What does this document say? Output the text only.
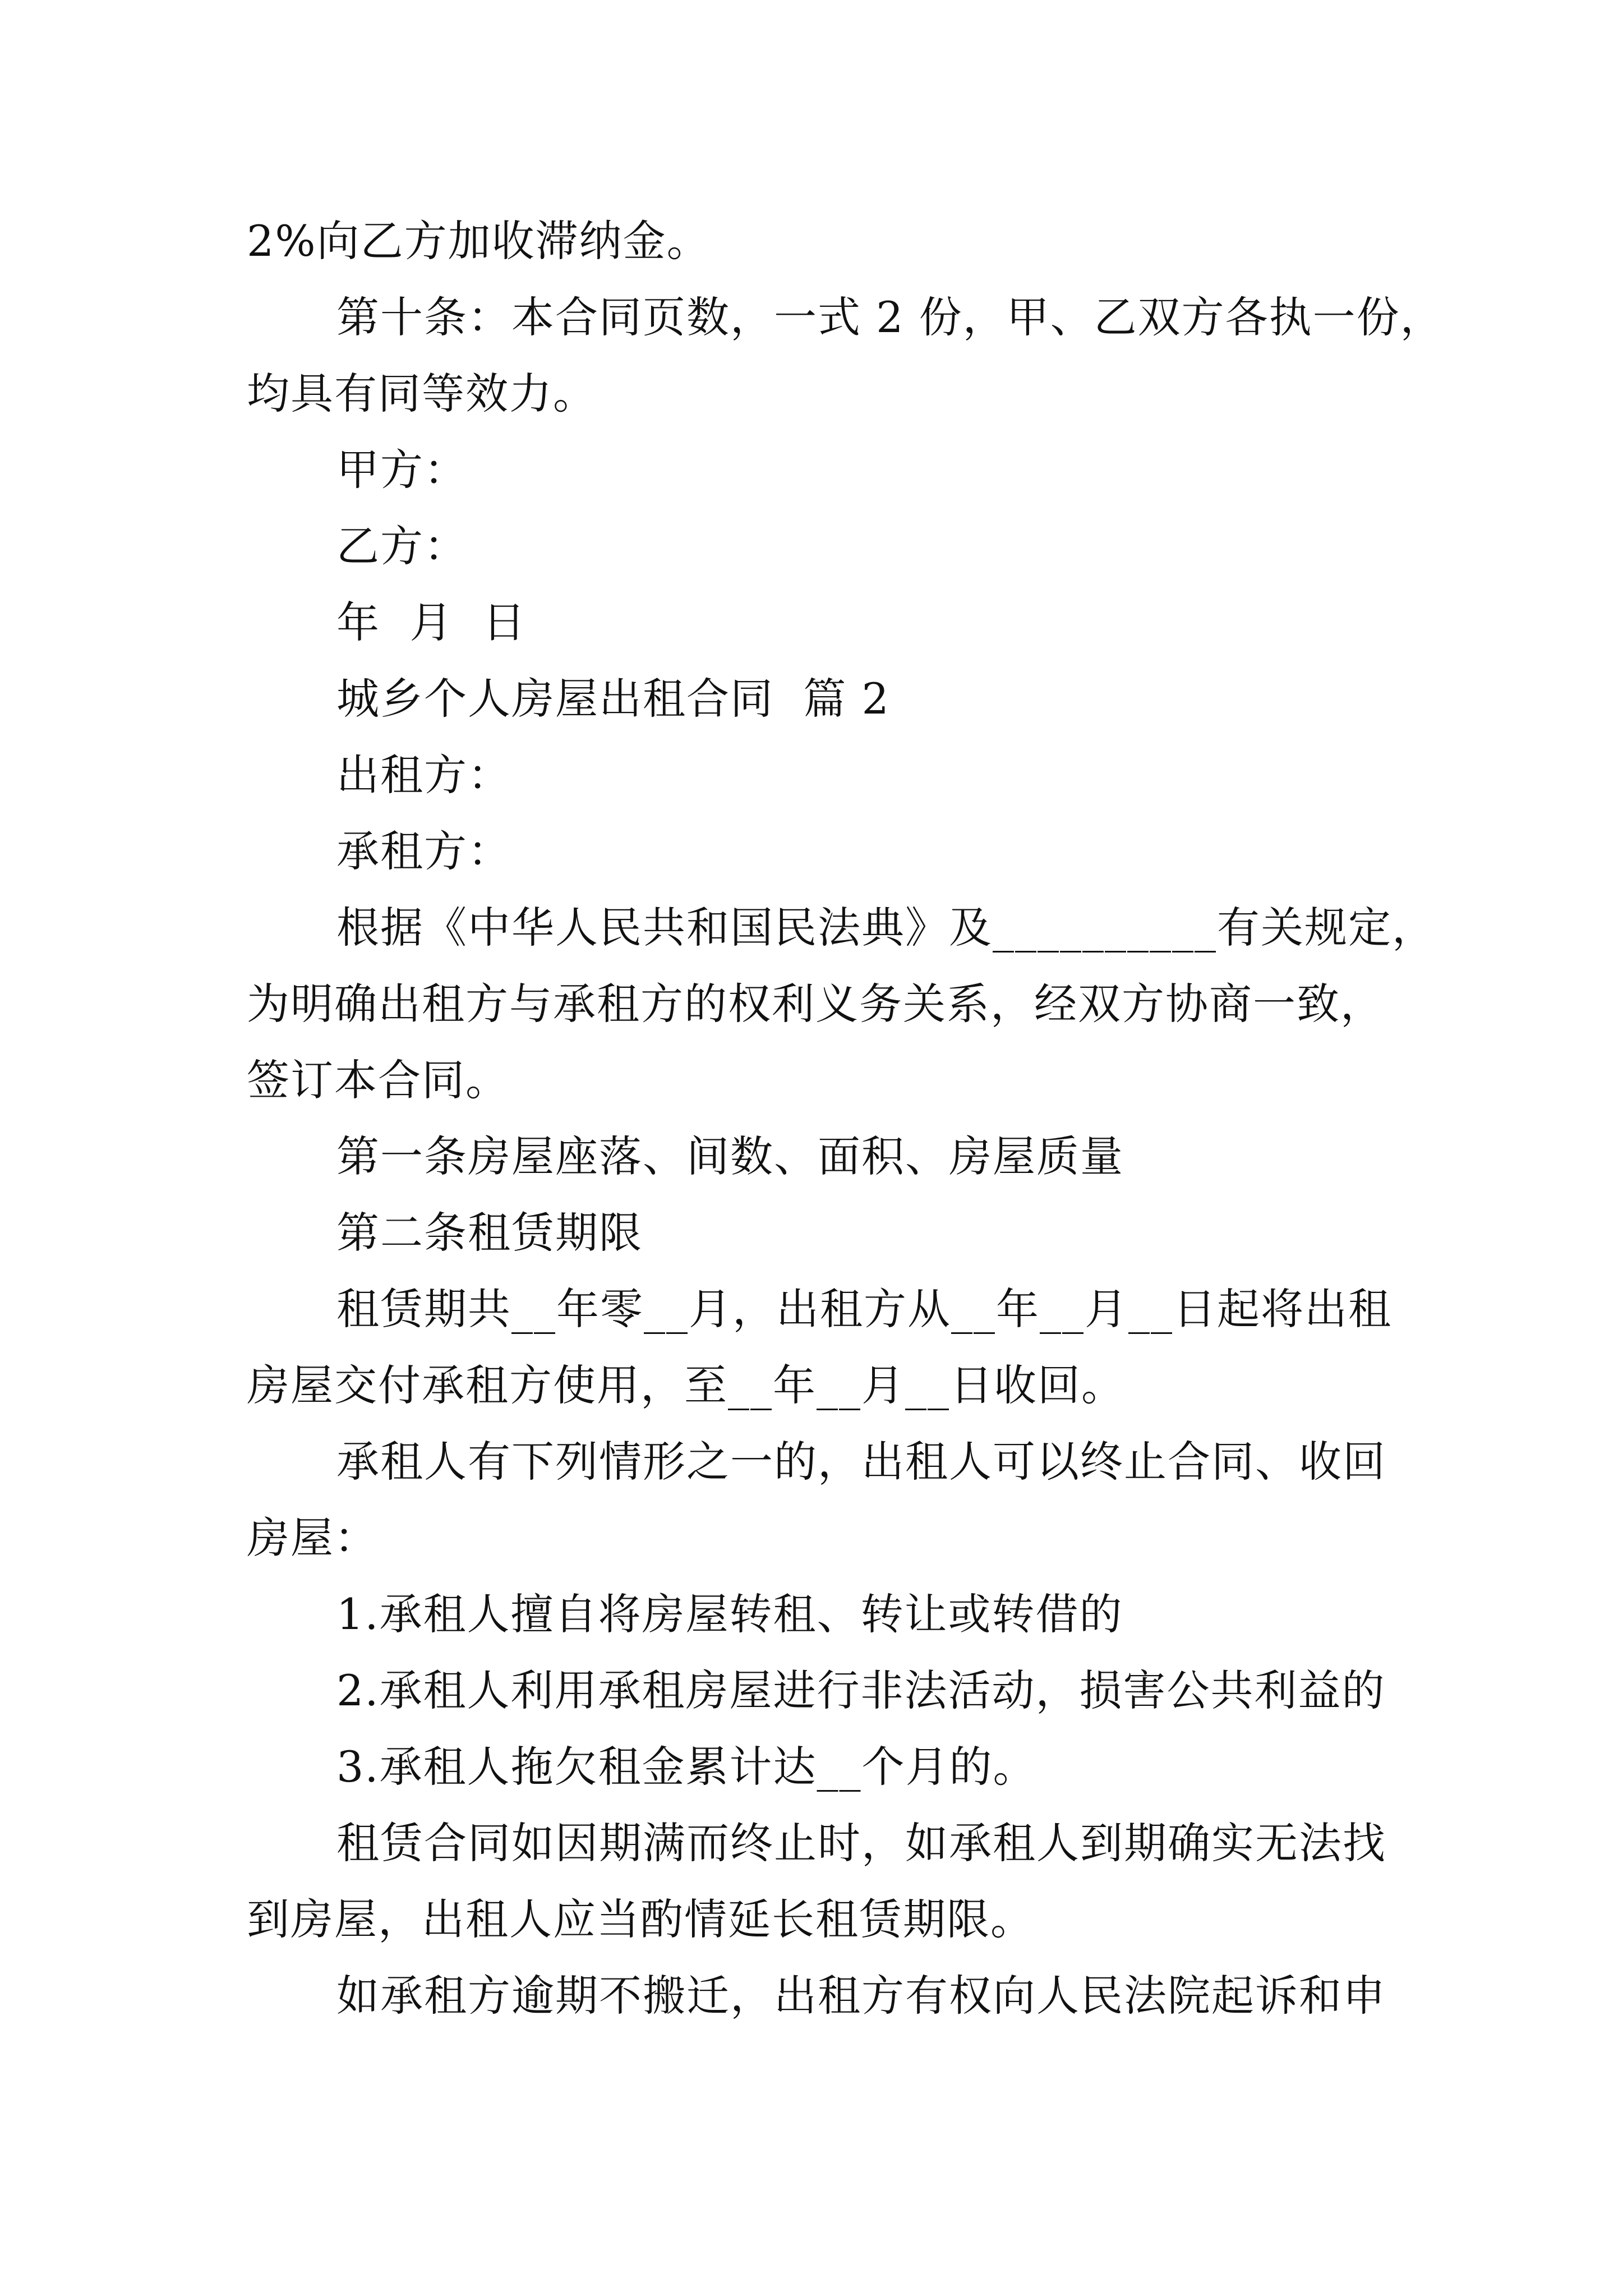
2%向乙方加收滞纳金。
第十条：本合同页数，一式 2 份，甲、乙双方各执一份，
均具有同等效力。
甲方：
乙方：
年  月  日
城乡个人房屋出租合同  篇 2
出租方：
承租方：
根据《中华人民共和国民法典》及__________有关规定，
为明确出租方与承租方的权利义务关系，经双方协商一致，
签订本合同。
第一条房屋座落、间数、面积、房屋质量
第二条租赁期限
租赁期共__年零__月，出租方从__年__月__日起将出租
房屋交付承租方使用，至__年__月__日收回。
承租人有下列情形之一的，出租人可以终止合同、收回
房屋：
1.承租人擅自将房屋转租、转让或转借的
2.承租人利用承租房屋进行非法活动，损害公共利益的
3.承租人拖欠租金累计达__个月的。
租赁合同如因期满而终止时，如承租人到期确实无法找
到房屋，出租人应当酌情延长租赁期限。
如承租方逾期不搬迁，出租方有权向人民法院起诉和申
